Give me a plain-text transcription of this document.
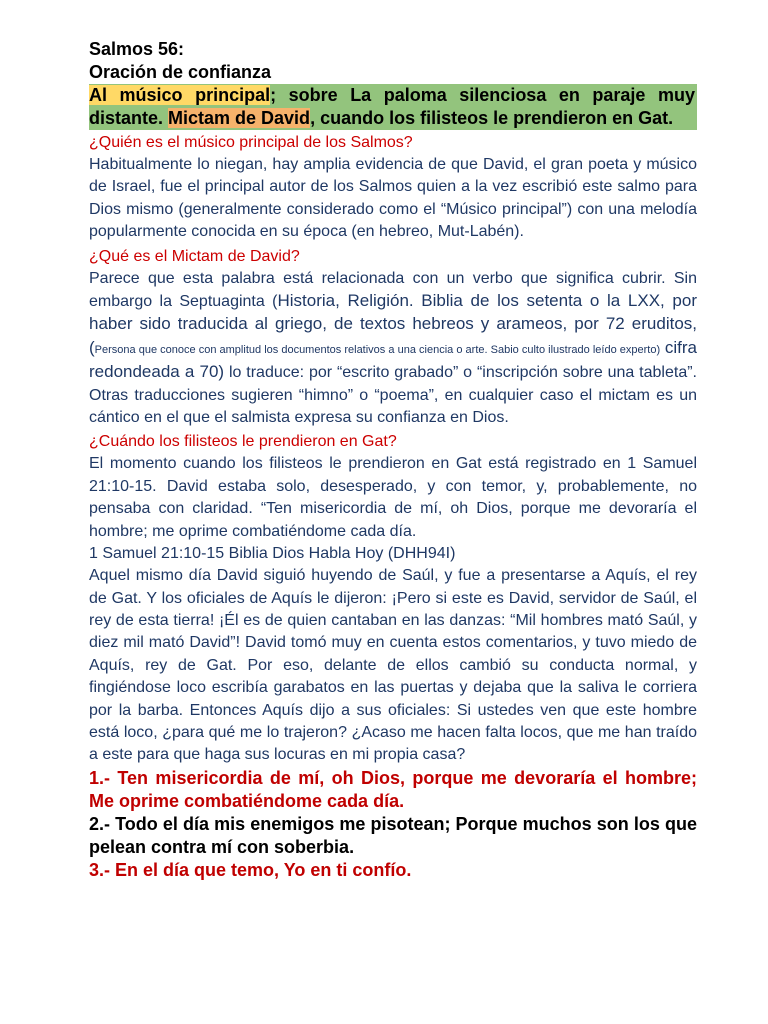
Salmos 56:
Oración de confianza
Al músico principal; sobre La paloma silenciosa en paraje muy distante. Mictam de David, cuando los filisteos le prendieron en Gat.
¿Quién es el músico principal de los Salmos?
Habitualmente lo niegan, hay amplia evidencia de que David, el gran poeta y músico de Israel, fue el principal autor de los Salmos quien a la vez escribió este salmo para Dios mismo (generalmente considerado como el “Músico principal”) con una melodía popularmente conocida en su época (en hebreo, Mut-Labén).
¿Qué es el Mictam de David?
Parece que esta palabra está relacionada con un verbo que significa cubrir. Sin embargo la Septuaginta (Historia, Religión. Biblia de los setenta o la LXX, por haber sido traducida al griego, de textos hebreos y arameos, por 72 eruditos, (Persona que conoce con amplitud los documentos relativos a una ciencia o arte. Sabio culto ilustrado leído experto) cifra redondeada a 70) lo traduce: por “escrito grabado” o “inscripción sobre una tableta”. Otras traducciones sugieren “himno” o “poema”, en cualquier caso el mictam es un cántico en el que el salmista expresa su confianza en Dios.
¿Cuándo los filisteos le prendieron en Gat?
El momento cuando los filisteos le prendieron en Gat está registrado en 1 Samuel 21:10-15. David estaba solo, desesperado, y con temor, y, probablemente, no pensaba con claridad. “Ten misericordia de mí, oh Dios, porque me devoraría el hombre; me oprime combatiéndome cada día.
1 Samuel 21:10-15 Biblia Dios Habla Hoy (DHH94I)
Aquel mismo día David siguió huyendo de Saúl, y fue a presentarse a Aquís, el rey de Gat. Y los oficiales de Aquís le dijeron: ¡Pero si este es David, servidor de Saúl, el rey de esta tierra! ¡Él es de quien cantaban en las danzas: “Mil hombres mató Saúl, y diez mil mató David”! David tomó muy en cuenta estos comentarios, y tuvo miedo de Aquís, rey de Gat. Por eso, delante de ellos cambió su conducta normal, y fingiéndose loco escribía garabatos en las puertas y dejaba que la saliva le corriera por la barba. Entonces Aquís dijo a sus oficiales: Si ustedes ven que este hombre está loco, ¿para qué me lo trajeron? ¿Acaso me hacen falta locos, que me han traído a este para que haga sus locuras en mi propia casa?
1.- Ten misericordia de mí, oh Dios, porque me devoraría el hombre; Me oprime combatiéndome cada día.
2.- Todo el día mis enemigos me pisotean; Porque muchos son los que pelean contra mí con soberbia.
3.- En el día que temo, Yo en ti confío.
